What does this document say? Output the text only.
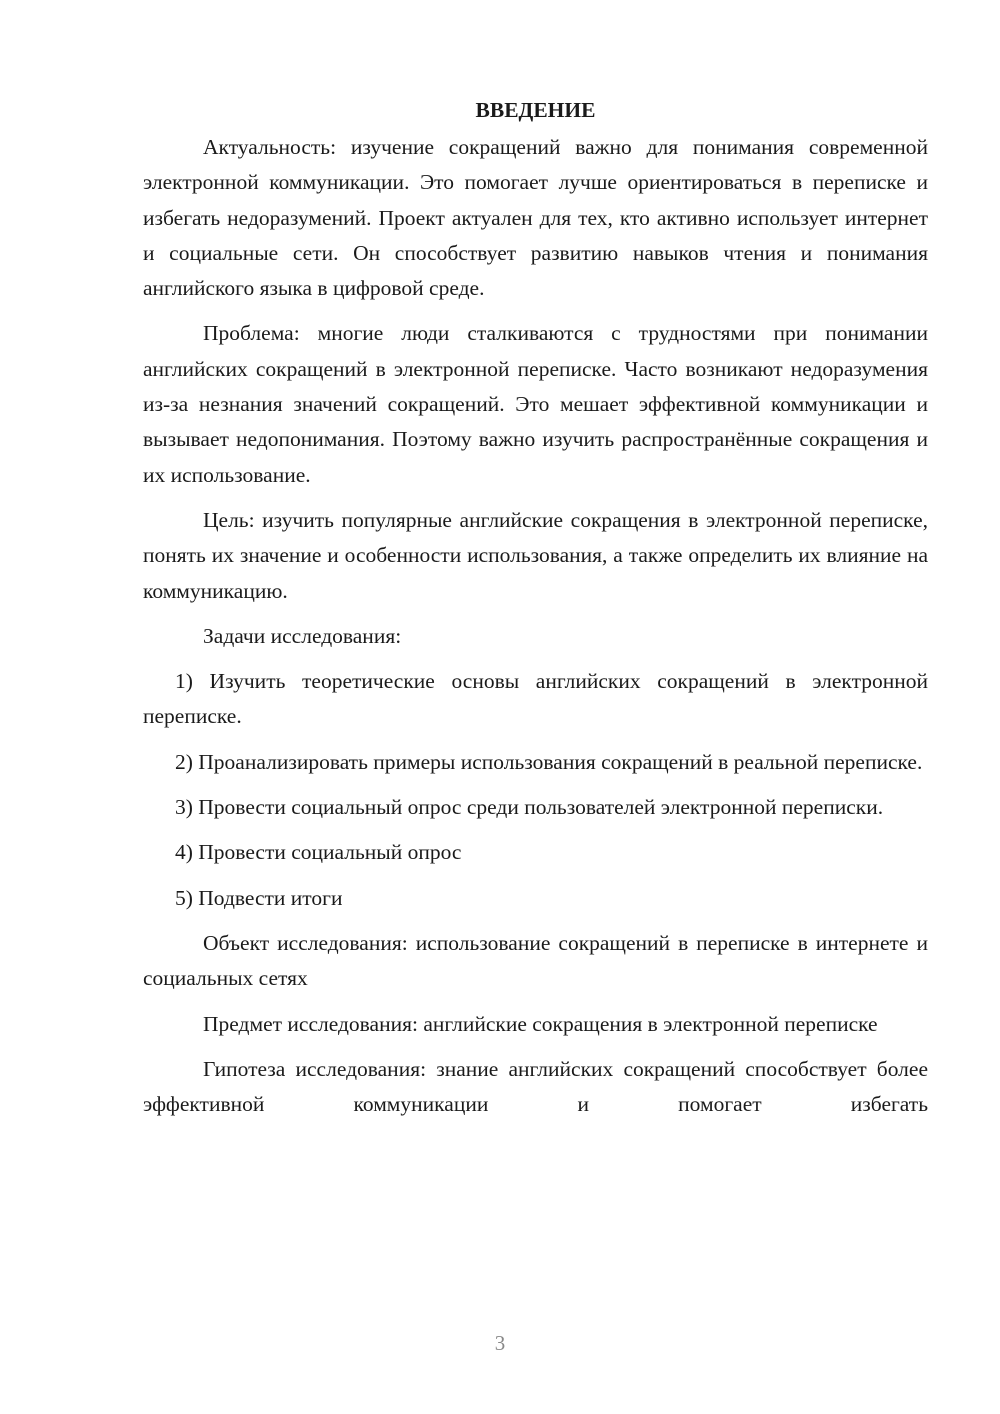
ВВЕДЕНИЕ

Актуальность: изучение сокращений важно для понимания современной электронной коммуникации. Это помогает лучше ориентироваться в переписке и избегать недоразумений. Проект актуален для тех, кто активно использует интернет и социальные сети. Он способствует развитию навыков чтения и понимания английского языка в цифровой среде.

Проблема: многие люди сталкиваются с трудностями при понимании английских сокращений в электронной переписке. Часто возникают недоразумения из-за незнания значений сокращений. Это мешает эффективной коммуникации и вызывает недопонимания. Поэтому важно изучить распространённые сокращения и их использование.

Цель: изучить популярные английские сокращения в электронной переписке, понять их значение и особенности использования, а также определить их влияние на коммуникацию.

Задачи исследования:

1) Изучить теоретические основы английских сокращений в электронной переписке.

2) Проанализировать примеры использования сокращений в реальной переписке.

3) Провести социальный опрос среди пользователей электронной переписки.

4) Провести социальный опрос

5) Подвести итоги

Объект исследования: использование сокращений в переписке в интернете и социальных сетях

Предмет исследования: английские сокращения в электронной переписке

Гипотеза исследования: знание английских сокращений способствует более эффективной коммуникации и помогает избегать

3
